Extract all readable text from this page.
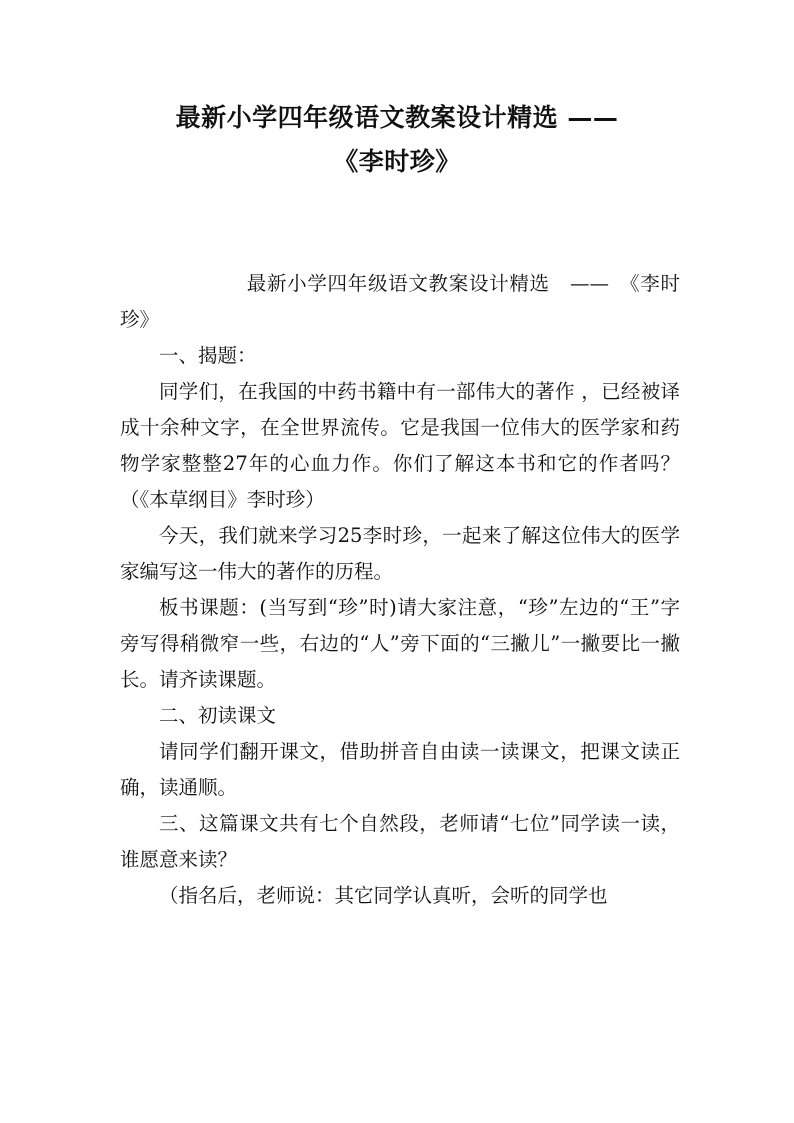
最新小学四年级语文教案设计精选 ——
《李时珍》

最新小学四年级语文教案设计精选　——　《李时珍》

一、揭题：

同学们，在我国的中药书籍中有一部伟大的著作 ，已经被译成十余种文字，在全世界流传。它是我国一位伟大的医学家和药物学家整整27年的心血力作。你们了解这本书和它的作者吗？（《本草纲目》李时珍）

今天，我们就来学习25李时珍，一起来了解这位伟大的医学家编写这一伟大的著作的历程。

板书课题：(当写到“珍”时)请大家注意，“珍”左边的“王”字旁写得稍微窄一些，右边的“人”旁下面的“三撇儿”一撇要比一撇长。请齐读课题。

二、初读课文

请同学们翻开课文，借助拼音自由读一读课文，把课文读正确，读通顺。

三、这篇课文共有七个自然段，老师请“七位”同学读一读，谁愿意来读？

（指名后，老师说：其它同学认真听，会听的同学也
